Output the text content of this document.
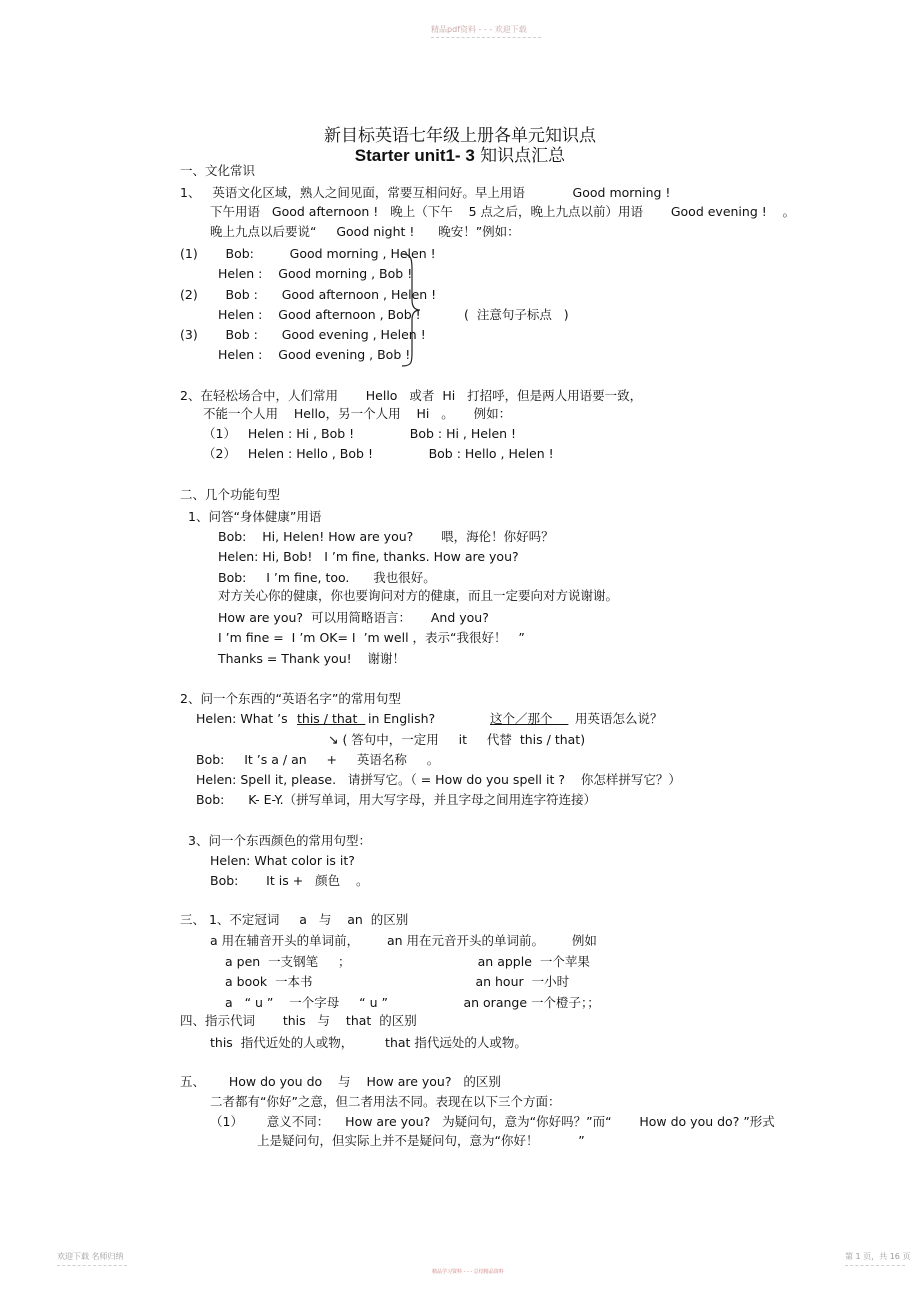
精品pdf资料 - - - 欢迎下载
新目标英语七年级上册各单元知识点
Starter unit1- 3 知识点汇总
一、文化常识
1、   英语文化区域，熟人之间见面，常要互相问好。早上用语            Good morning !
下午用语   Good afternoon !   晚上（下午    5 点之后，晚上九点以前）用语       Good evening !    。
晚上九点以后要说“     Good night !      晚安！”例如：
(1)       Bob:         Good morning , Helen !
Helen :    Good morning , Bob !
(2)       Bob :      Good afternoon , Helen !
Helen :    Good afternoon , Bob !	(  注意句子标点   )
(3)       Bob :      Good evening , Helen !
Helen :    Good evening , Bob !
2、在轻松场合中，人们常用       Hello   或者  Hi   打招呼，但是两人用语要一致，
不能一个人用    Hello，另一个人用    Hi   。     例如：
（1）   Helen : Hi , Bob !              Bob : Hi , Helen !
（2）   Helen : Hello , Bob !              Bob : Hello , Helen !
二、几个功能句型
1、问答“身体健康”用语
Bob:    Hi, Helen! How are you?       喂，海伦！你好吗？
Helen: Hi, Bob!   I ’m fine, thanks. How are you?
Bob:     I ’m fine, too.      我也很好。
对方关心你的健康，你也要询问对方的健康，而且一定要向对方说谢谢。
How are you?  可以用简略语言：     And you?
I ’m fine =  I ’m OK= I  ’m well ，表示“我很好！   ”
Thanks = Thank you!    谢谢！
2、问一个东西的“英语名字”的常用句型
Helen: What ’s
this / that in English?	这个／那个 用英语怎么说？
↘ ( 答句中，一定用     it     代替  this / that)
Bob:     It ’s a / an     +     英语名称     。
Helen: Spell it, please.   请拼写它。（ = How do you spell it ?    你怎样拼写它？）
Bob:      K- E-Y.（拼写单词，用大写字母，并且字母之间用连字符连接）
3、问一个东西颜色的常用句型：
Helen: What color is it?
Bob:       It is +   颜色    。
三、 1、不定冠词     a   与    an  的区别
a 用在辅音开头的单词前，       an 用在元音开头的单词前。       例如
a pen  一支钢笔     ；                                an apple  一个苹果
a book  一本书                                         an hour  一小时
a   “ u ”    一个字母     “ u ”                   an orange 一个橙子；；
四、指示代词       this   与    that  的区别
this  指代近处的人或物，        that 指代远处的人或物。
五、      How do you do    与    How are you?   的区别
二者都有“你好”之意，但二者用法不同。表现在以下三个方面：
（1）      意义不同：    How are you?   为疑问句，意为“你好吗？”而“       How do you do? ”形式
上是疑问句，但实际上并不是疑问句，意为“你好！          ”
欢迎下载 名师归纳
精品学习资料 - - - 总结精品资料
第 1 页，共 16 页
